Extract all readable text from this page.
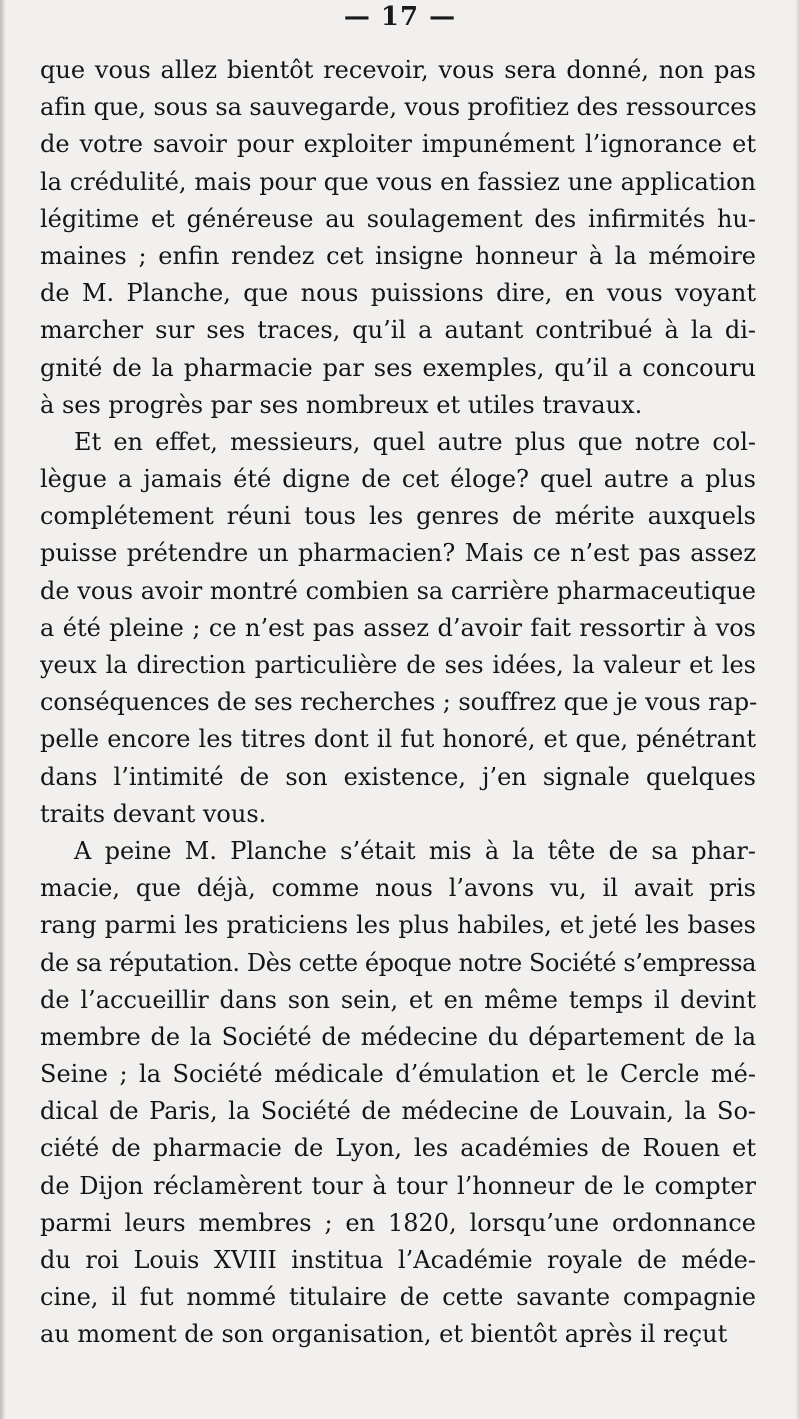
— 17 —
que vous allez bientôt recevoir, vous sera donné, non pas
afin que, sous sa sauvegarde, vous profitiez des ressources
de votre savoir pour exploiter impunément l’ignorance et
la crédulité, mais pour que vous en fassiez une application
légitime et généreuse au soulagement des infirmités hu-
maines ; enfin rendez cet insigne honneur à la mémoire
de M. Planche, que nous puissions dire, en vous voyant
marcher sur ses traces, qu’il a autant contribué à la di-
gnité de la pharmacie par ses exemples, qu’il a concouru
à ses progrès par ses nombreux et utiles travaux.
Et en effet, messieurs, quel autre plus que notre col-
lègue a jamais été digne de cet éloge? quel autre a plus
complétement réuni tous les genres de mérite auxquels
puisse prétendre un pharmacien? Mais ce n’est pas assez
de vous avoir montré combien sa carrière pharmaceutique
a été pleine ; ce n’est pas assez d’avoir fait ressortir à vos
yeux la direction particulière de ses idées, la valeur et les
conséquences de ses recherches ; souffrez que je vous rap-
pelle encore les titres dont il fut honoré, et que, pénétrant
dans l’intimité de son existence, j’en signale quelques
traits devant vous.
A peine M. Planche s’était mis à la tête de sa phar-
macie, que déjà, comme nous l’avons vu, il avait pris
rang parmi les praticiens les plus habiles, et jeté les bases
de sa réputation. Dès cette époque notre Société s’empressa
de l’accueillir dans son sein, et en même temps il devint
membre de la Société de médecine du département de la
Seine ; la Société médicale d’émulation et le Cercle mé-
dical de Paris, la Société de médecine de Louvain, la So-
ciété de pharmacie de Lyon, les académies de Rouen et
de Dijon réclamèrent tour à tour l’honneur de le compter
parmi leurs membres ; en 1820, lorsqu’une ordonnance
du roi Louis XVIII institua l’Académie royale de méde-
cine, il fut nommé titulaire de cette savante compagnie
au moment de son organisation, et bientôt après il reçut
